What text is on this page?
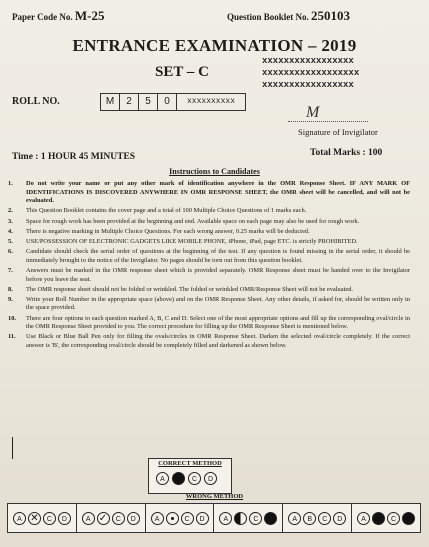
Paper Code No. M-25	Question Booklet No. 250103
ENTRANCE EXAMINATION – 2019
SET – C
xxxxxxxxxxxxxxxxx
xxxxxxxxxxxxxxxxxx
xxxxxxxxxxxxxxxxx
ROLL NO.	M	2	5	0	xxxxxxxxxx
M
Signature of Invigilator
Time : 1 HOUR 45 MINUTES	Total Marks : 100
Instructions to Candidates
1.	Do not write your name or put any other mark of identification anywhere in the OMR Response Sheet. IF ANY MARK OF IDENTIFICATIONS IS DISCOVERED ANYWHERE IN OMR RESPONSE SHEET, the OMR sheet will be cancelled, and will not be evaluated.
2.	This Question Booklet contains the cover page and a total of 100 Multiple Choice Questions of 1 marks each.
3.	Space for rough work has been provided at the beginning and end. Available space on each page may also be used for rough work.
4.	There is negative marking in Multiple Choice Questions. For each wrong answer, 0.25 marks will be deducted.
5.	USE/POSSESSION OF ELECTRONIC GADGETS LIKE MOBILE PHONE, iPhone, iPad, page ETC. is strictly PROHIBITED.
6.	Candidate should check the serial order of questions at the beginning of the test. If any question is found missing in the serial order, it should be immediately brought to the notice of the Invigilator. No pages should be torn out from this question booklet.
7.	Answers must be marked in the OMR response sheet which is provided separately. OMR Response sheet must be handed over to the Invigilator before you leave the seat.
8.	The OMR response sheet should not be folded or wrinkled. The folded or wrinkled OMR/Response Sheet will not be evaluated.
9.	Write your Roll Number in the appropriate space (above) and on the OMR Response Sheet. Any other details, if asked for, should be written only in the space provided.
10.	There are four options to each question marked A, B, C and D. Select one of the most appropriate options and fill up the corresponding oval/circle in the OMR Response Sheet provided to you. The correct procedure for filling up the OMR Response Sheet is mentioned below.
11.	Use Black or Blue Ball Pen only for filling the ovals/circles in OMR Response Sheet. Darken the selected oval/circle completely. If the correct answer is 'B', the corresponding oval/circle should be completely filled and darkened as shown below.
CORRECT METHOD
A	B	C	D
WRONG METHOD
A ✕	C	D	A ✓	C	D	A	C	D	A	C	A	B	C	D	A	C
